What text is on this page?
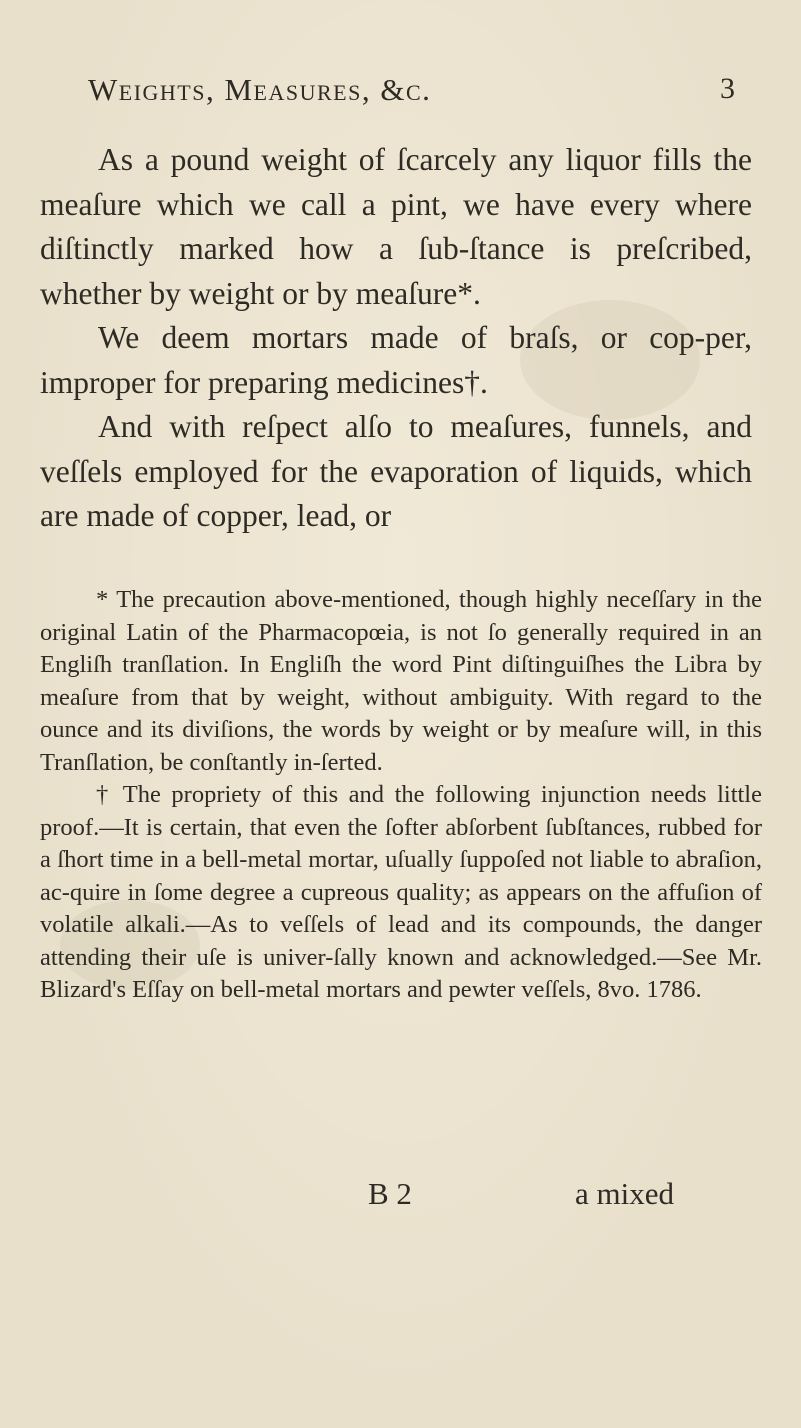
Weights, Measures, &c.	3

As a pound weight of ſcarcely any liquor fills the meaſure which we call a pint, we have every where diſtinctly marked how a ſub-ſtance is preſcribed, whether by weight or by meaſure*.

We deem mortars made of braſs, or cop-per, improper for preparing medicines†.

And with reſpect alſo to meaſures, funnels, and veſſels employed for the evaporation of liquids, which are made of copper, lead, or

* The precaution above-mentioned, though highly neceſſary in the original Latin of the Pharmacopœia, is not ſo generally required in an Engliſh tranſlation. In Engliſh the word Pint diſtinguiſhes the Libra by meaſure from that by weight, without ambiguity. With regard to the ounce and its diviſions, the words by weight or by meaſure will, in this Tranſlation, be conſtantly in-ſerted.

† The propriety of this and the following injunction needs little proof.—It is certain, that even the ſofter abſorbent ſubſtances, rubbed for a ſhort time in a bell-metal mortar, uſually ſuppoſed not liable to abraſion, ac-quire in ſome degree a cupreous quality; as appears on the affuſion of volatile alkali.—As to veſſels of lead and its compounds, the danger attending their uſe is univer-ſally known and acknowledged.—See Mr. Blizard's Eſſay on bell-metal mortars and pewter veſſels, 8vo. 1786.

B 2	a mixed
